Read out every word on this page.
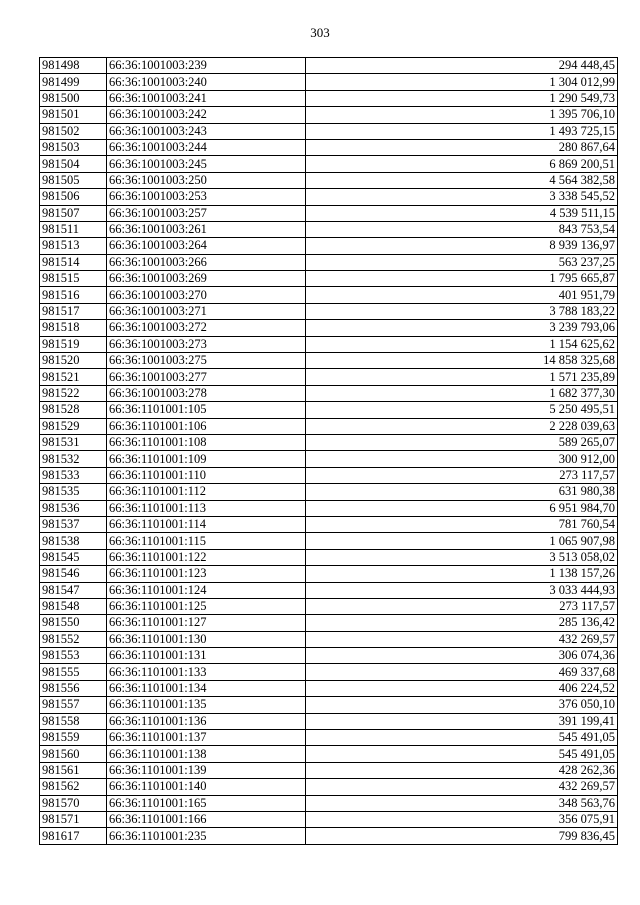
303
981498	66:36:1001003:239	294 448,45
981499	66:36:1001003:240	1 304 012,99
981500	66:36:1001003:241	1 290 549,73
981501	66:36:1001003:242	1 395 706,10
981502	66:36:1001003:243	1 493 725,15
981503	66:36:1001003:244	280 867,64
981504	66:36:1001003:245	6 869 200,51
981505	66:36:1001003:250	4 564 382,58
981506	66:36:1001003:253	3 338 545,52
981507	66:36:1001003:257	4 539 511,15
981511	66:36:1001003:261	843 753,54
981513	66:36:1001003:264	8 939 136,97
981514	66:36:1001003:266	563 237,25
981515	66:36:1001003:269	1 795 665,87
981516	66:36:1001003:270	401 951,79
981517	66:36:1001003:271	3 788 183,22
981518	66:36:1001003:272	3 239 793,06
981519	66:36:1001003:273	1 154 625,62
981520	66:36:1001003:275	14 858 325,68
981521	66:36:1001003:277	1 571 235,89
981522	66:36:1001003:278	1 682 377,30
981528	66:36:1101001:105	5 250 495,51
981529	66:36:1101001:106	2 228 039,63
981531	66:36:1101001:108	589 265,07
981532	66:36:1101001:109	300 912,00
981533	66:36:1101001:110	273 117,57
981535	66:36:1101001:112	631 980,38
981536	66:36:1101001:113	6 951 984,70
981537	66:36:1101001:114	781 760,54
981538	66:36:1101001:115	1 065 907,98
981545	66:36:1101001:122	3 513 058,02
981546	66:36:1101001:123	1 138 157,26
981547	66:36:1101001:124	3 033 444,93
981548	66:36:1101001:125	273 117,57
981550	66:36:1101001:127	285 136,42
981552	66:36:1101001:130	432 269,57
981553	66:36:1101001:131	306 074,36
981555	66:36:1101001:133	469 337,68
981556	66:36:1101001:134	406 224,52
981557	66:36:1101001:135	376 050,10
981558	66:36:1101001:136	391 199,41
981559	66:36:1101001:137	545 491,05
981560	66:36:1101001:138	545 491,05
981561	66:36:1101001:139	428 262,36
981562	66:36:1101001:140	432 269,57
981570	66:36:1101001:165	348 563,76
981571	66:36:1101001:166	356 075,91
981617	66:36:1101001:235	799 836,45
